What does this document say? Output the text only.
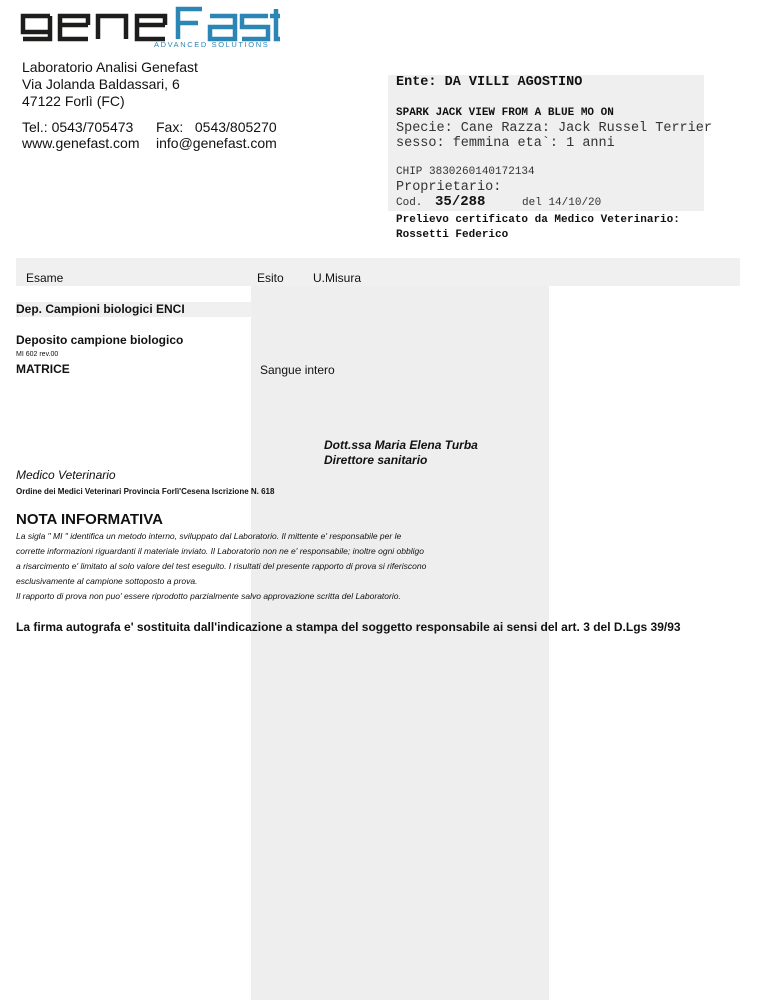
ADVANCED SOLUTIONS
Laboratorio Analisi Genefast
Via Jolanda Baldassari, 6
47122 Forlì (FC)
Tel.: 0543/705473 Fax:   0543/805270
www.genefast.com info@genefast.com
Ente: DA VILLI AGOSTINO
SPARK JACK VIEW FROM A BLUE MO ON
Specie: Cane Razza: Jack Russel Terrier
sesso: femmina eta`: 1 anni
CHIP 3830260140172134
Proprietario:
Cod. 35/288	del 14/10/20
Prelievo certificato da Medico Veterinario:
Rossetti Federico
Esame	Esito U.Misura
Dep. Campioni biologici ENCI
Deposito campione biologico
MI 602 rev.00
MATRICE	Sangue intero
Dott.ssa Maria Elena Turba
Direttore sanitario
Medico Veterinario
Ordine dei Medici Veterinari Provincia Forlì'Cesena Iscrizione N. 618
NOTA INFORMATIVA
La sigla " MI " identifica un metodo interno, sviluppato dal Laboratorio. Il mittente e' responsabile per le
corrette informazioni riguardanti il materiale inviato. Il Laboratorio non ne e' responsabile; inoltre ogni obbligo
a risarcimento e' limitato al solo valore del test eseguito. I risultati del presente rapporto di prova si riferiscono
esclusivamente al campione sottoposto a prova.
Il rapporto di prova non puo' essere riprodotto parzialmente salvo approvazione scritta del Laboratorio.
La firma autografa e' sostituita dall'indicazione a stampa del soggetto responsabile ai sensi del art. 3 del D.Lgs 39/93
